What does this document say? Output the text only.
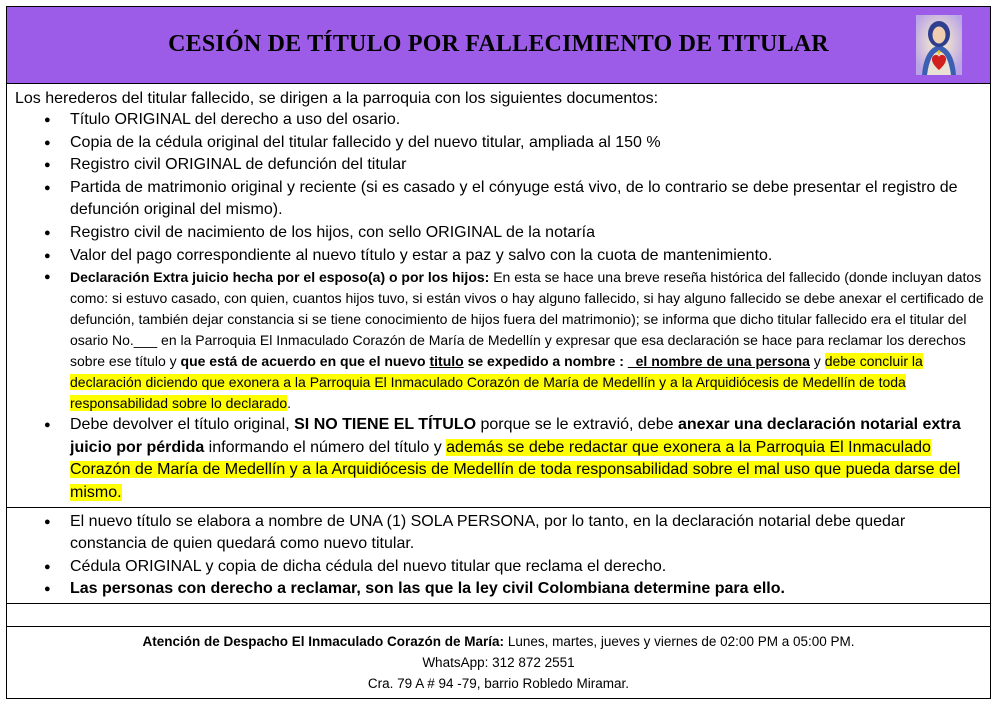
CESIÓN DE TÍTULO POR FALLECIMIENTO DE TITULAR
Los herederos del titular fallecido, se dirigen a la parroquia con los siguientes documentos:
● Título ORIGINAL del derecho a uso del osario.
● Copia de la cédula original del titular fallecido y del nuevo titular, ampliada al 150 %
● Registro civil ORIGINAL de defunción del titular
● Partida de matrimonio original y reciente (si es casado y el cónyuge está vivo, de lo contrario se debe presentar el registro de defunción original del mismo).
● Registro civil de nacimiento de los hijos, con sello ORIGINAL de la notaría
● Valor del pago correspondiente al nuevo título y estar a paz y salvo con la cuota de mantenimiento.
● Declaración Extra juicio hecha por el esposo(a) o por los hijos: En esta se hace una breve reseña histórica del fallecido (donde incluyan datos como: si estuvo casado, con quien, cuantos hijos tuvo, si están vivos o hay alguno fallecido, si hay alguno fallecido se debe anexar el certificado de defunción, también dejar constancia si se tiene conocimiento de hijos fuera del matrimonio); se informa que dicho titular fallecido era el titular del osario No.___ en la Parroquia El Inmaculado Corazón de María de Medellín y expresar que esa declaración se hace para reclamar los derechos sobre ese título y que está de acuerdo en que el nuevo titulo se expedido a nombre : _el nombre de una persona y debe concluir la declaración diciendo que exonera a la Parroquia El Inmaculado Corazón de María de Medellín y a la Arquidiócesis de Medellín de toda responsabilidad sobre lo declarado.
● Debe devolver el título original, SI NO TIENE EL TÍTULO porque se le extravió, debe anexar una declaración notarial extra juicio por pérdida informando el número del título y además se debe redactar que exonera a la Parroquia El Inmaculado Corazón de María de Medellín y a la Arquidiócesis de Medellín de toda responsabilidad sobre el mal uso que pueda darse del mismo.
● El nuevo título se elabora a nombre de UNA (1) SOLA PERSONA, por lo tanto, en la declaración notarial debe quedar constancia de quien quedará como nuevo titular.
● Cédula ORIGINAL y copia de dicha cédula del nuevo titular que reclama el derecho.
● Las personas con derecho a reclamar, son las que la ley civil Colombiana determine para ello.
Atención de Despacho El Inmaculado Corazón de María: Lunes, martes, jueves y viernes de 02:00 PM a 05:00 PM.
WhatsApp: 312 872 2551
Cra. 79 A # 94 -79, barrio Robledo Miramar.
